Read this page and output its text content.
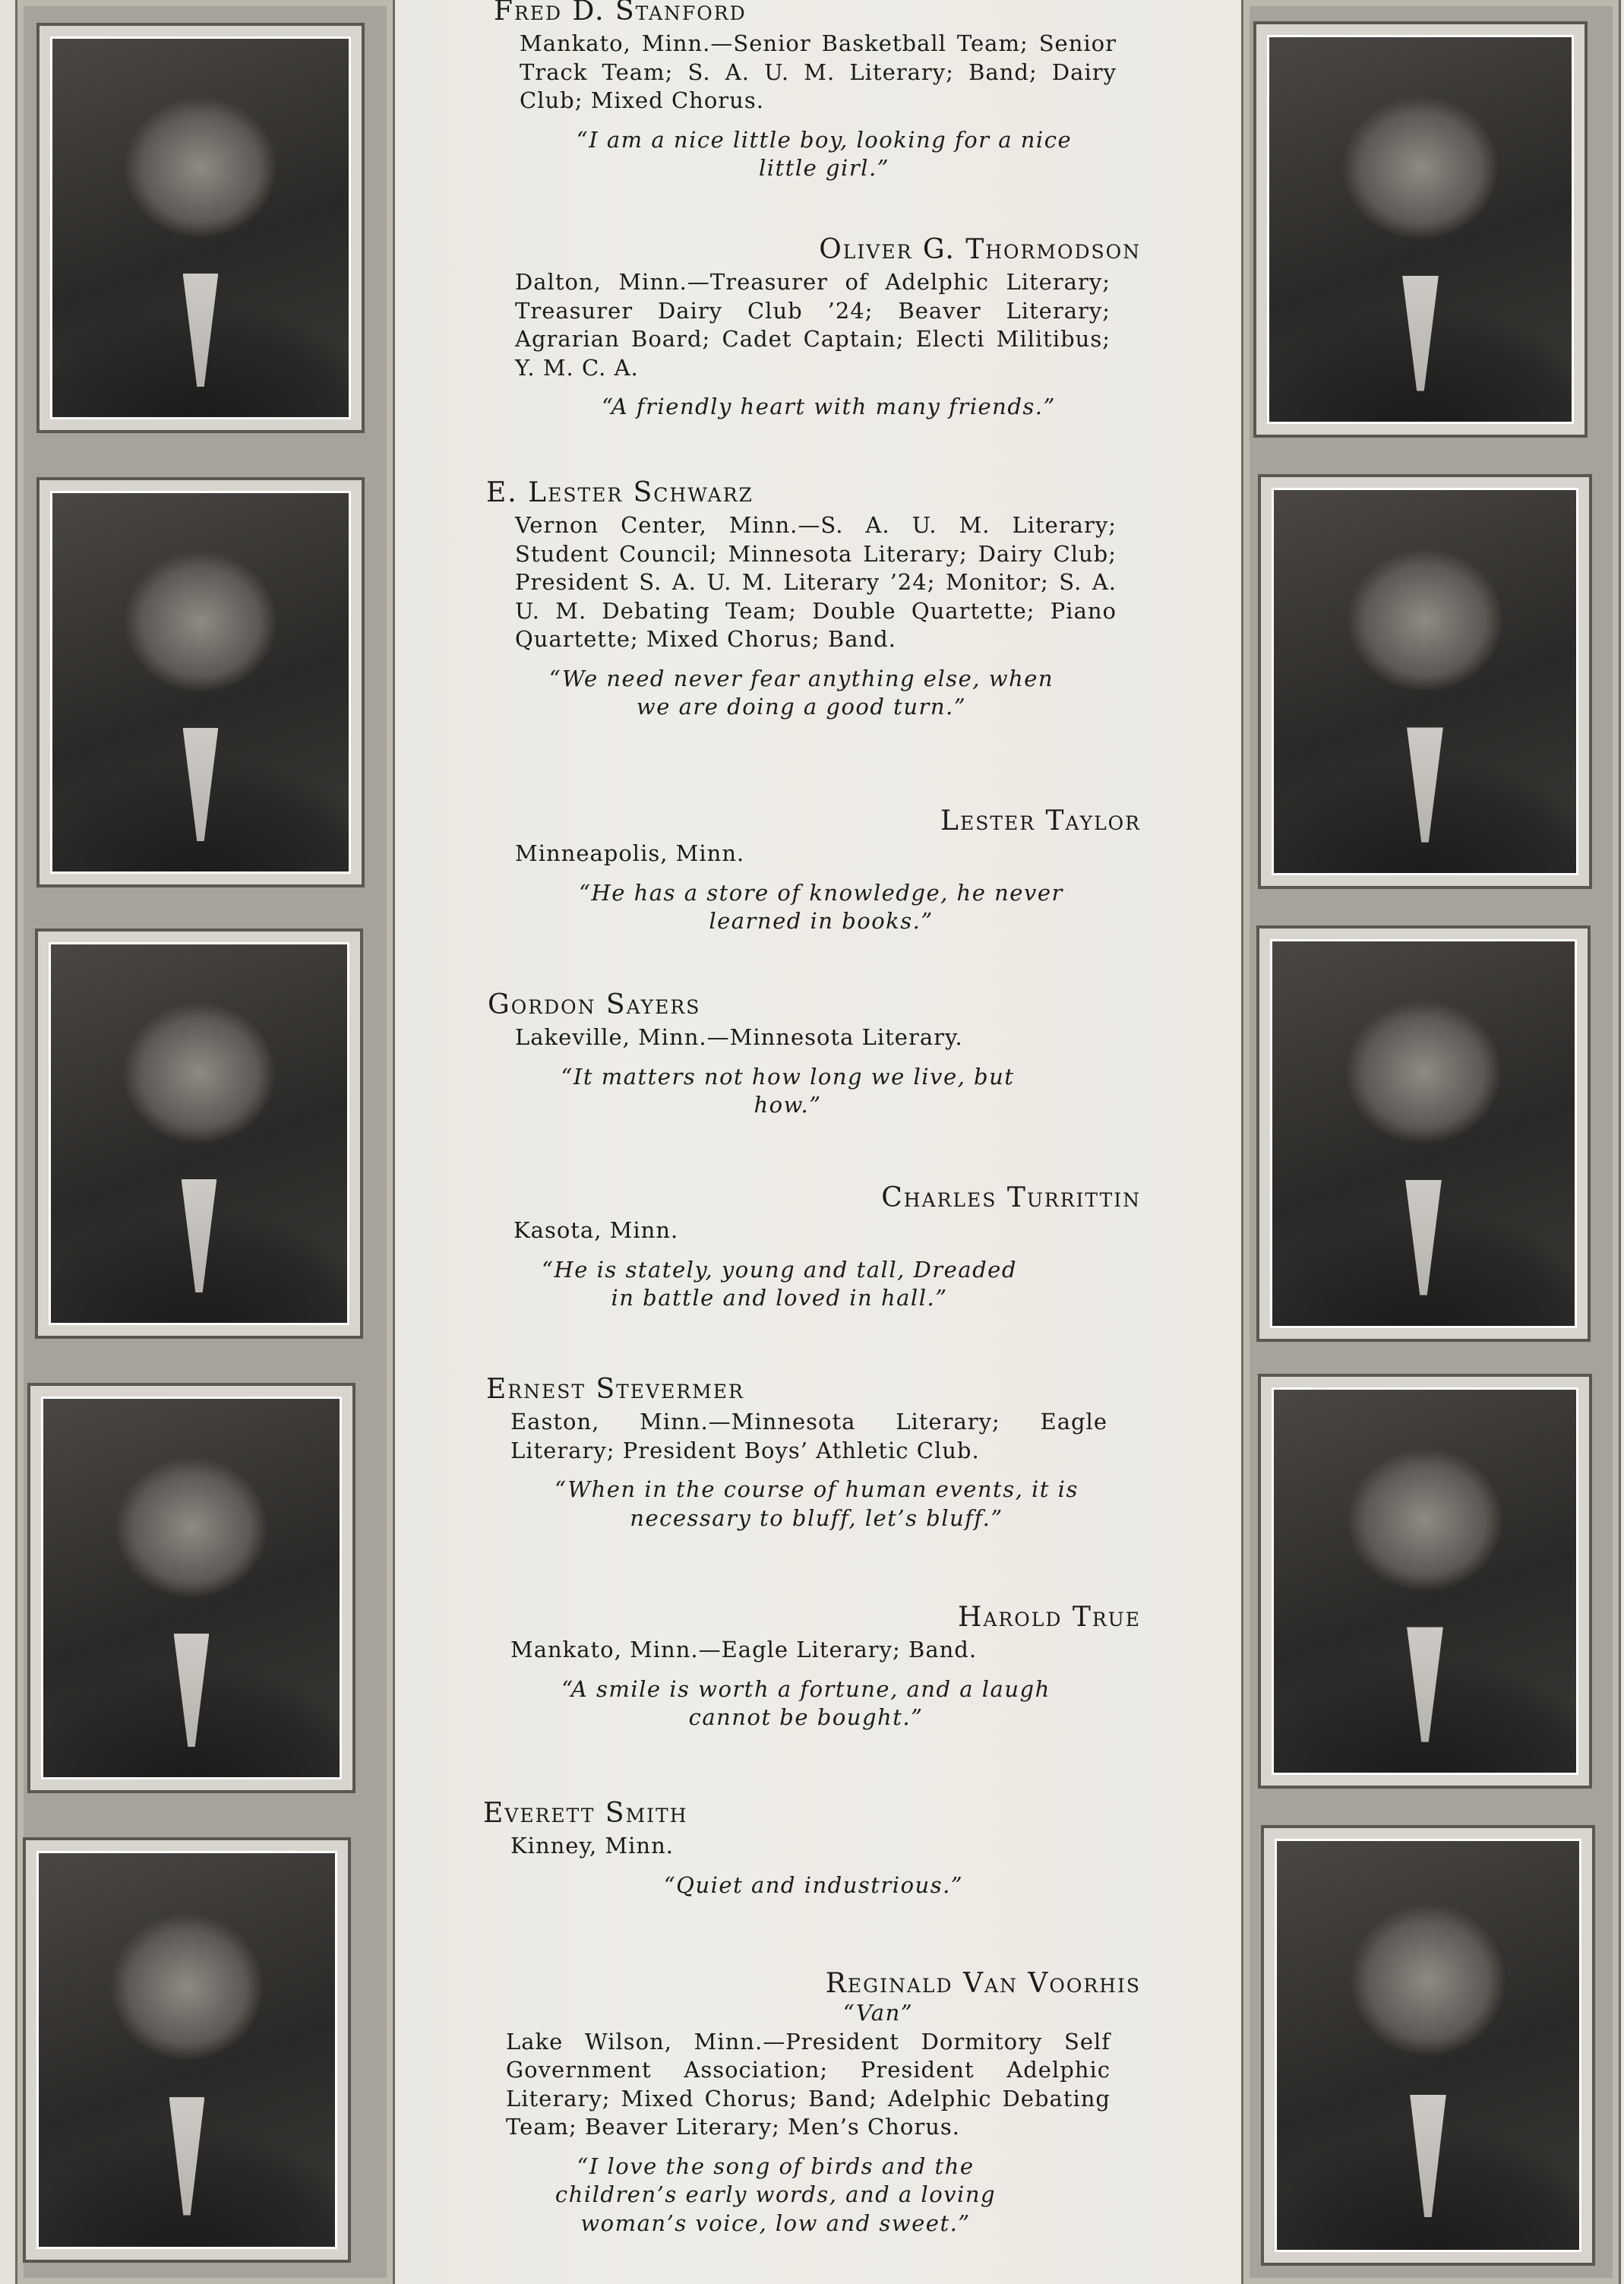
Fred D. Stanford
Mankato, Minn.—Senior Basketball Team; Senior Track Team; S. A. U. M. Literary; Band; Dairy Club; Mixed Chorus.
“I am a nice little boy, looking for a nice little girl.”
Oliver G. Thormodson
Dalton, Minn.—Treasurer of Adelphic Literary; Treasurer Dairy Club ’24; Beaver Literary; Agrarian Board; Cadet Captain; Electi Militibus; Y. M. C. A.
“A friendly heart with many friends.”
E. Lester Schwarz
Vernon Center, Minn.—S. A. U. M. Literary; Student Council; Minnesota Literary; Dairy Club; President S. A. U. M. Literary ’24; Monitor; S. A. U. M. Debating Team; Double Quartette; Piano Quartette; Mixed Chorus; Band.
“We need never fear anything else, when we are doing a good turn.”
Lester Taylor
Minneapolis, Minn.
“He has a store of knowledge, he never learned in books.”
Gordon Sayers
Lakeville, Minn.—Minnesota Literary.
“It matters not how long we live, but how.”
Charles Turrittin
Kasota, Minn.
“He is stately, young and tall, Dreaded in battle and loved in hall.”
Ernest Stevermer
Easton, Minn.—Minnesota Literary; Eagle Literary; President Boys’ Athletic Club.
“When in the course of human events, it is necessary to bluff, let’s bluff.”
Harold True
Mankato, Minn.—Eagle Literary; Band.
“A smile is worth a fortune, and a laugh cannot be bought.”
Everett Smith
Kinney, Minn.
“Quiet and industrious.”
Reginald Van Voorhis
“Van”
Lake Wilson, Minn.—President Dormitory Self Government Association; President Adelphic Literary; Mixed Chorus; Band; Adelphic Debating Team; Beaver Literary; Men’s Chorus.
“I love the song of birds and the children’s early words, and a loving woman’s voice, low and sweet.”
